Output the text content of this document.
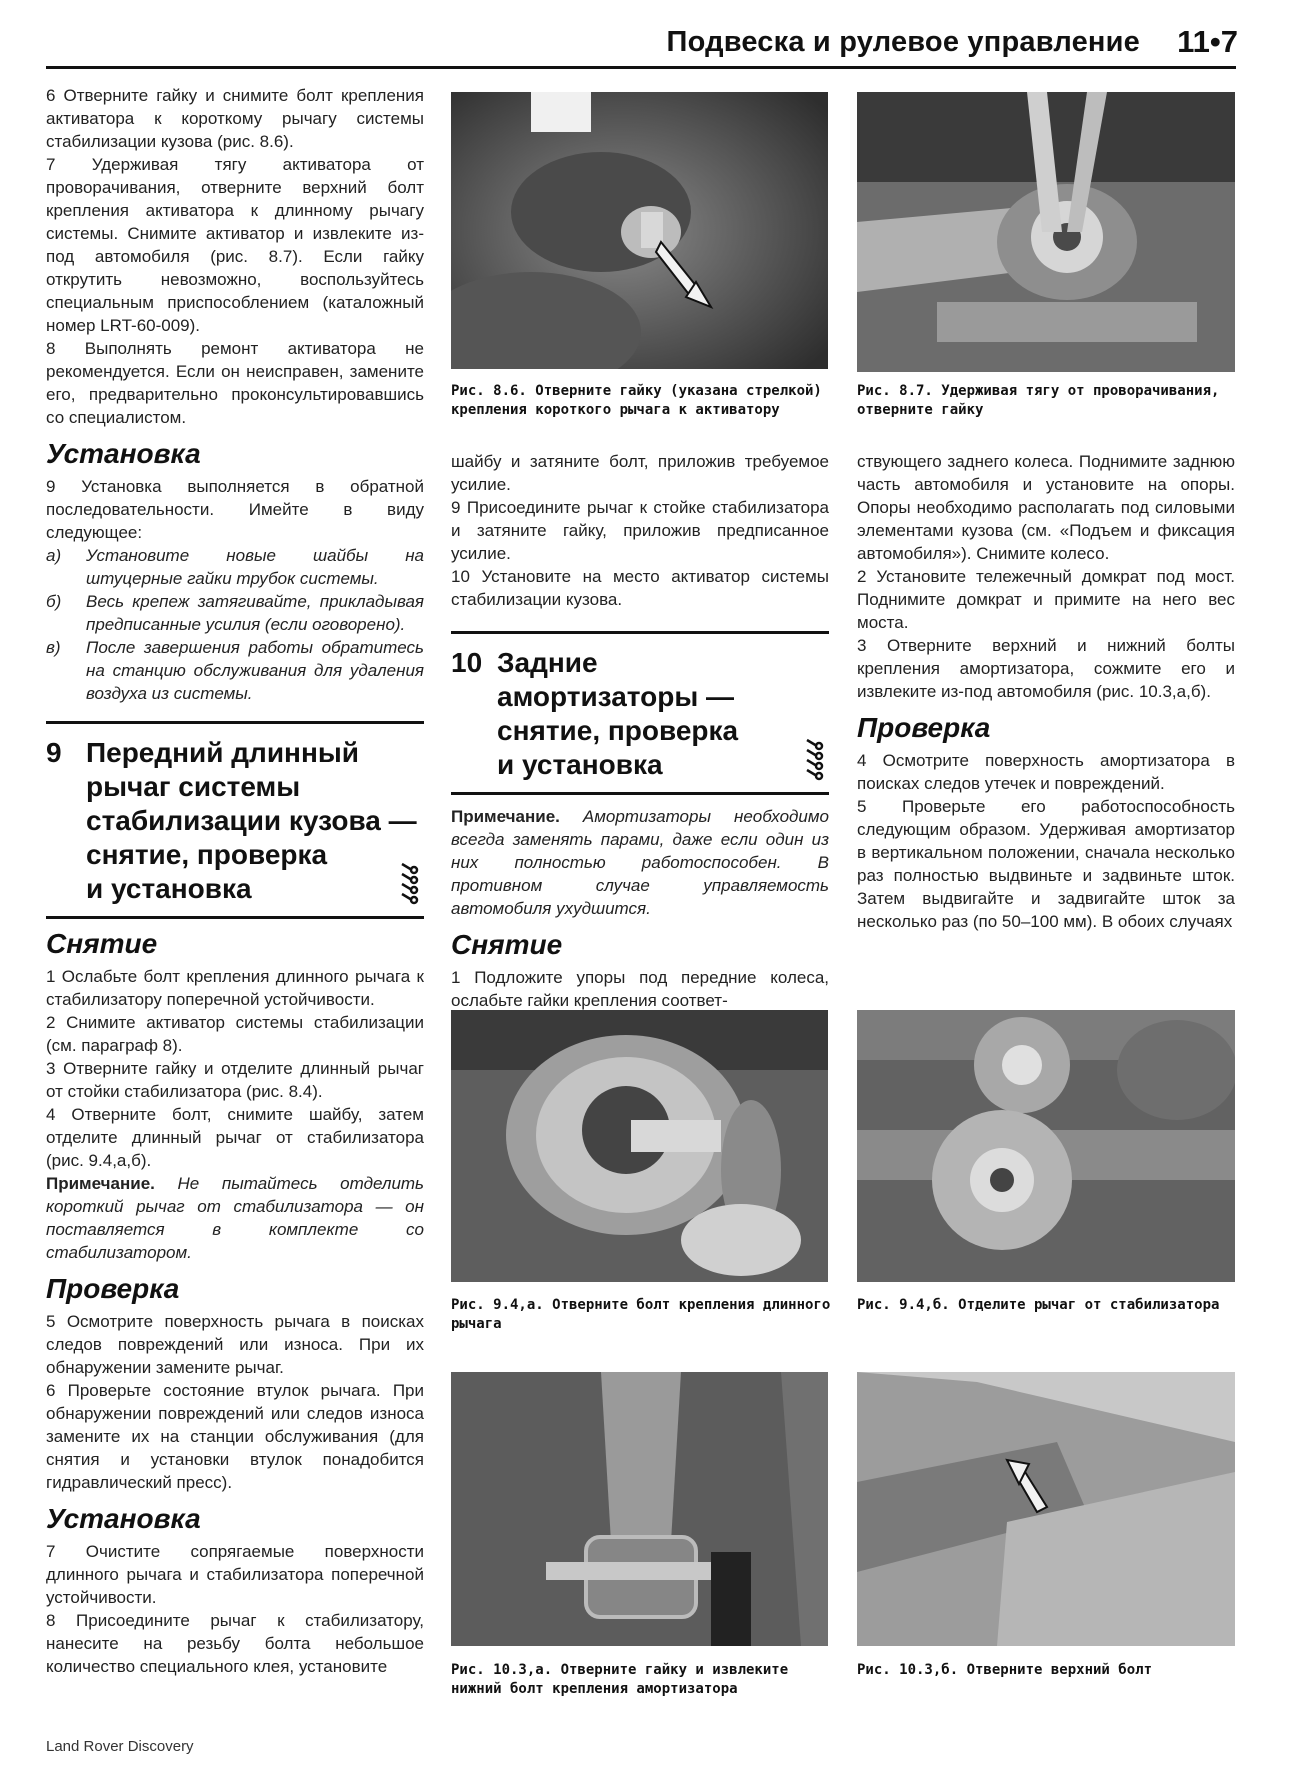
Подвеска и рулевое управление 11•7

6 Отверните гайку и снимите болт крепления активатора к короткому рычагу системы стабилизации кузова (рис. 8.6).

7 Удерживая тягу активатора от проворачивания, отверните верхний болт крепления активатора к длинному рычагу системы. Снимите активатор и извлеките из-под автомобиля (рис. 8.7). Если гайку открутить невозможно, воспользуйтесь специальным приспособлением (каталожный номер LRT-60-009).

8 Выполнять ремонт активатора не рекомендуется. Если он неисправен, замените его, предварительно проконсультировавшись со специалистом.

Установка

9 Установка выполняется в обратной последовательности. Имейте в виду следующее:

а)	Установите новые шайбы на штуцерные гайки трубок системы.
б)	Весь крепеж затягивайте, прикладывая предписанные усилия (если оговорено).
в)	После завершения работы обратитесь на станцию обслуживания для удаления воздуха из системы.
9 Передний длинный
рычаг системы
стабилизации кузова —
снятие, проверка
и установка
Снятие

1 Ослабьте болт крепления длинного рычага к стабилизатору поперечной устойчивости.

2 Снимите активатор системы стабилизации (см. параграф 8).

3 Отверните гайку и отделите длинный рычаг от стойки стабилизатора (рис. 8.4).

4 Отверните болт, снимите шайбу, затем отделите длинный рычаг от стабилизатора (рис. 9.4,а,б).

Примечание. Не пытайтесь отделить короткий рычаг от стабилизатора — он поставляется в комплекте со стабилизатором.

Проверка

5 Осмотрите поверхность рычага в поисках следов повреждений или износа. При их обнаружении замените рычаг.

6 Проверьте состояние втулок рычага. При обнаружении повреждений или следов износа замените их на станции обслуживания (для снятия и установки втулок понадобится гидравлический пресс).

Установка

7 Очистите сопрягаемые поверхности длинного рычага и стабилизатора поперечной устойчивости.

8 Присоедините рычаг к стабилизатору, нанесите на резьбу болта небольшое количество специального клея, установите

Рис. 8.6. Отверните гайку (указана стрелкой) крепления короткого рычага к активатору
Рис. 8.7. Удерживая тягу от проворачивания, отверните гайку

шайбу и затяните болт, приложив требуемое усилие.

9 Присоедините рычаг к стойке стабилизатора и затяните гайку, приложив предписанное усилие.

10 Установите на место активатор системы стабилизации кузова.

10 Задние
амортизаторы —
снятие, проверка
и установка

Примечание. Амортизаторы необходимо всегда заменять парами, даже если один из них полностью работоспособен. В противном случае управляемость автомобиля ухудшится.

Снятие

1 Подложите упоры под передние колеса, ослабьте гайки крепления соответ-

ствующего заднего колеса. Поднимите заднюю часть автомобиля и установите на опоры. Опоры необходимо располагать под силовыми элементами кузова (см. «Подъем и фиксация автомобиля»). Снимите колесо.

2 Установите тележечный домкрат под мост. Поднимите домкрат и примите на него вес моста.

3 Отверните верхний и нижний болты крепления амортизатора, сожмите его и извлеките из-под автомобиля (рис. 10.3,а,б).

Проверка

4 Осмотрите поверхность амортизатора в поисках следов утечек и повреждений.

5 Проверьте его работоспособность следующим образом. Удерживая амортизатор в вертикальном положении, сначала несколько раз полностью выдвиньте и задвиньте шток. Затем выдвигайте и задвигайте шток за несколько раз (по 50–100 мм). В обоих случаях

Рис. 9.4,а. Отверните болт крепления длинного рычага
Рис. 9.4,б. Отделите рычаг от стабилизатора
Рис. 10.3,а. Отверните гайку и извлеките нижний болт крепления амортизатора
Рис. 10.3,б. Отверните верхний болт
Land Rover Discovery
